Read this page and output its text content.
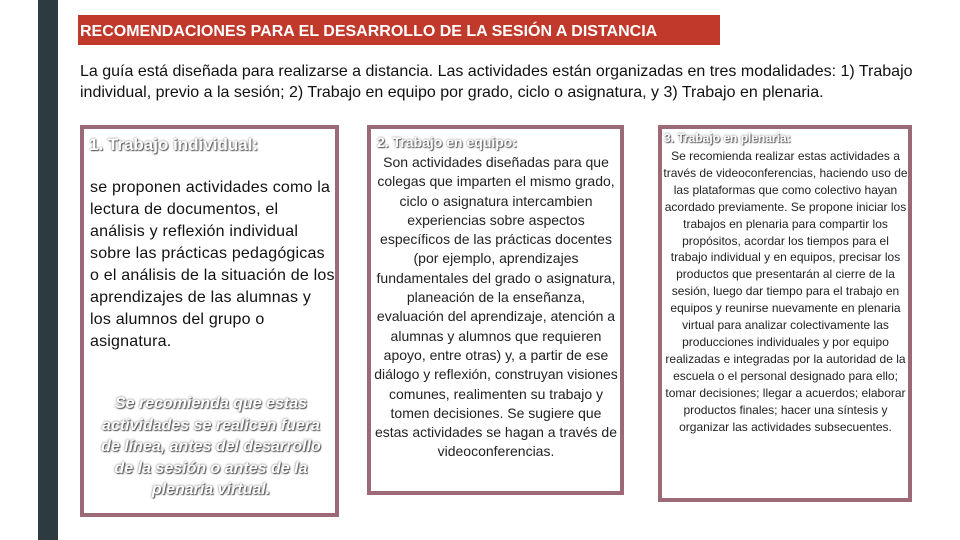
RECOMENDACIONES PARA EL DESARROLLO DE LA SESIÓN A DISTANCIA

La guía está diseñada para realizarse a distancia. Las actividades están organizadas en tres modalidades: 1) Trabajo individual, previo a la sesión; 2) Trabajo en equipo por grado, ciclo o asignatura, y 3) Trabajo en plenaria.

1. Trabajo individual:
se proponen actividades como la lectura de documentos, el análisis y reflexión individual sobre las prácticas pedagógicas o el análisis de la situación de los aprendizajes de las alumnas y los alumnos del grupo o asignatura.
Se recomienda que estas actividades se realicen fuera de línea, antes del desarrollo de la sesión o antes de la plenaria virtual.
2. Trabajo en equipo:
Son actividades diseñadas para que colegas que imparten el mismo grado, ciclo o asignatura intercambien experiencias sobre aspectos específicos de las prácticas docentes (por ejemplo, aprendizajes fundamentales del grado o asignatura, planeación de la enseñanza, evaluación del aprendizaje, atención a alumnas y alumnos que requieren apoyo, entre otras) y, a partir de ese diálogo y reflexión, construyan visiones comunes, realimenten su trabajo y tomen decisiones. Se sugiere que estas actividades se hagan a través de videoconferencias.
3. Trabajo en plenaria:
Se recomienda realizar estas actividades a través de videoconferencias, haciendo uso de las plataformas que como colectivo hayan acordado previamente. Se propone iniciar los trabajos en plenaria para compartir los propósitos, acordar los tiempos para el trabajo individual y en equipos, precisar los productos que presentarán al cierre de la sesión, luego dar tiempo para el trabajo en equipos y reunirse nuevamente en plenaria virtual para analizar colectivamente las producciones individuales y por equipo realizadas e integradas por la autoridad de la escuela o el personal designado para ello; tomar decisiones; llegar a acuerdos; elaborar productos finales; hacer una síntesis y organizar las actividades subsecuentes.
